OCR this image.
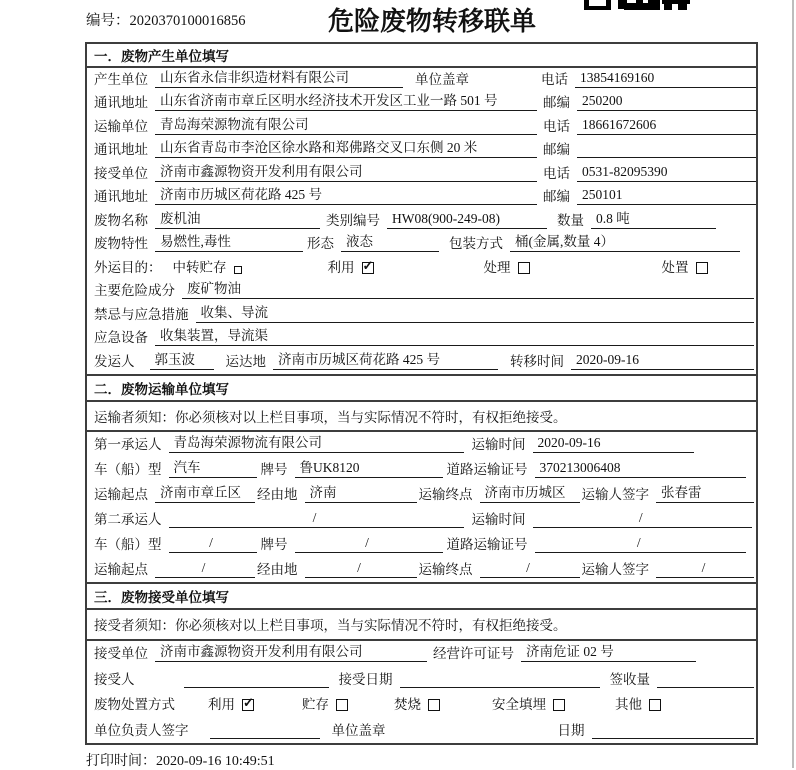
编号：2020370100016856	危险废物转移联单
一．废物产生单位填写
产生单位 山东省永信非织造材料有限公司	单位盖章	电话 13854169160
通讯地址 山东省济南市章丘区明水经济技术开发区工业一路 501 号	邮编 250200
运输单位 青岛海荣源物流有限公司	电话 18661672606
通讯地址 山东省青岛市李沧区徐水路和郑佛路交叉口东侧 20 米	邮编
接受单位 济南市鑫源物资开发利用有限公司	电话 0531-82095390
通讯地址 济南市历城区荷花路 425 号	邮编 250101
废物名称 废机油	类别编号 HW08(900-249-08)	数量 0.8 吨
废物特性 易燃性,毒性	形态 液态	包装方式 桶(金属,数量 4）
外运目的： 中转贮存	利用 ✓	处理	处置
主要危险成分 废矿物油
禁忌与应急措施 收集、导流
应急设备 收集装置，导流渠
发运人	郭玉波	运达地 济南市历城区荷花路 425 号	转移时间 2020-09-16
二．废物运输单位填写
运输者须知：你必须核对以上栏目事项，当与实际情况不符时，有权拒绝接受。
第一承运人 青岛海荣源物流有限公司	运输时间 2020-09-16
车（船）型 汽车	牌号 鲁UK8120	道路运输证号 370213006408
运输起点 济南市章丘区	经由地 济南	运输终点 济南市历城区	运输人签字 张春雷
第二承运人	/	运输时间	/
车（船）型	/	牌号	/	道路运输证号	/
运输起点	/	经由地	/	运输终点	/	运输人签字	/
三．废物接受单位填写
接受者须知：你必须核对以上栏目事项，当与实际情况不符时，有权拒绝接受。
接受单位 济南市鑫源物资开发利用有限公司	经营许可证号 济南危证 02 号
接受人	接受日期	签收量
废物处置方式 利用 ✓	贮存	焚烧	安全填埋	其他
单位负责人签字	单位盖章	日期
打印时间：2020-09-16 10:49:51
